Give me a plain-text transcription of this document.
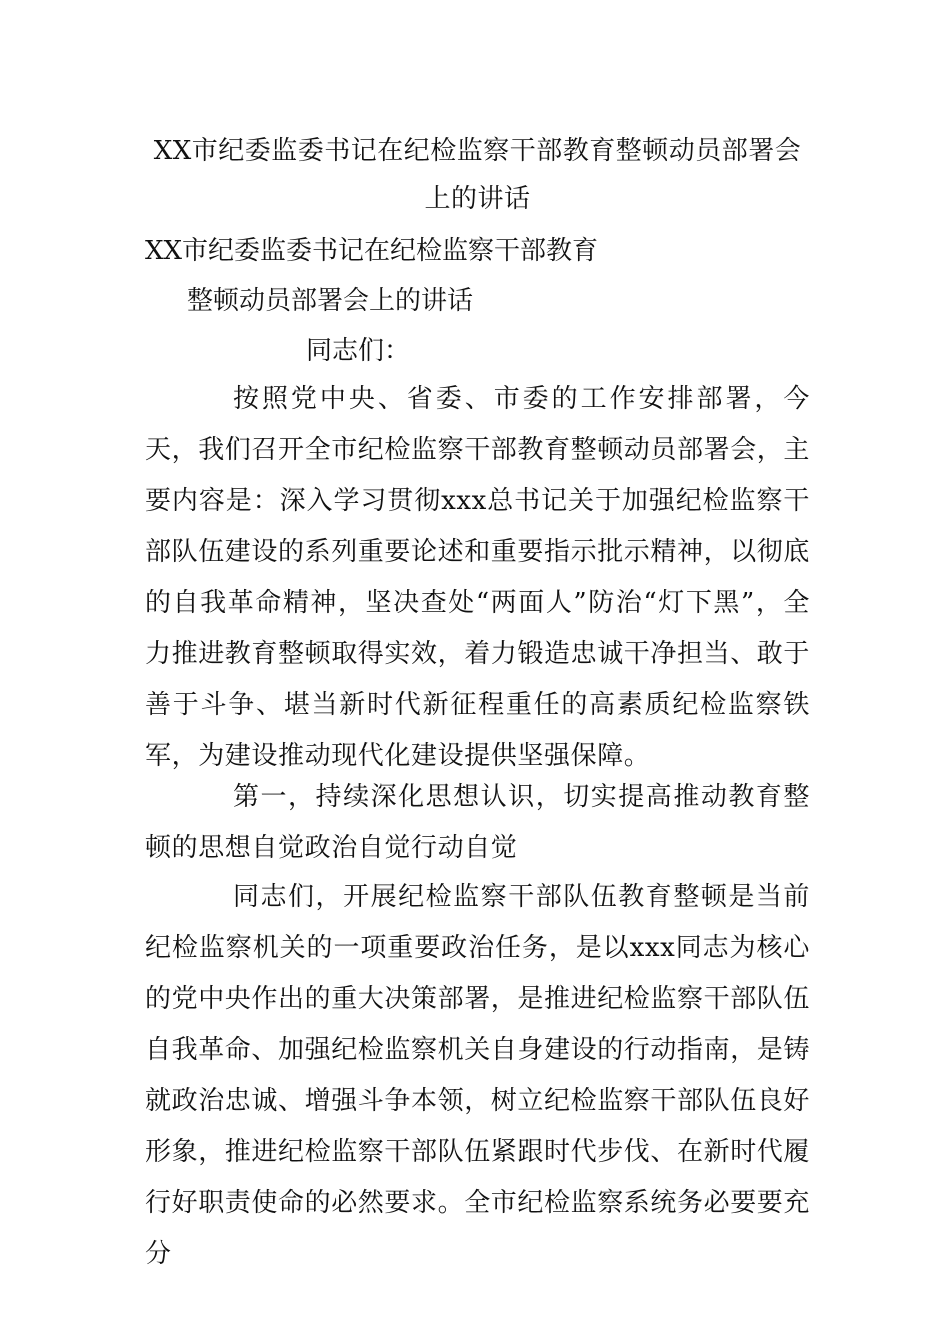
XX市纪委监委书记在纪检监察干部教育整顿动员部署会上的讲话
XX市纪委监委书记在纪检监察干部教育
整顿动员部署会上的讲话
同志们：

按照党中央、省委、市委的工作安排部署，今天，我们召开全市纪检监察干部教育整顿动员部署会，主要内容是：深入学习贯彻xxx总书记关于加强纪检监察干部队伍建设的系列重要论述和重要指示批示精神，以彻底的自我革命精神，坚决查处“两面人”防治“灯下黑”，全力推进教育整顿取得实效，着力锻造忠诚干净担当、敢于善于斗争、堪当新时代新征程重任的高素质纪检监察铁军，为建设推动现代化建设提供坚强保障。

第一，持续深化思想认识，切实提高推动教育整顿的思想自觉政治自觉行动自觉

同志们，开展纪检监察干部队伍教育整顿是当前纪检监察机关的一项重要政治任务，是以xxx同志为核心的党中央作出的重大决策部署，是推进纪检监察干部队伍自我革命、加强纪检监察机关自身建设的行动指南，是铸就政治忠诚、增强斗争本领，树立纪检监察干部队伍良好形象，推进纪检监察干部队伍紧跟时代步伐、在新时代履行好职责使命的必然要求。全市纪检监察系统务必要要充分
